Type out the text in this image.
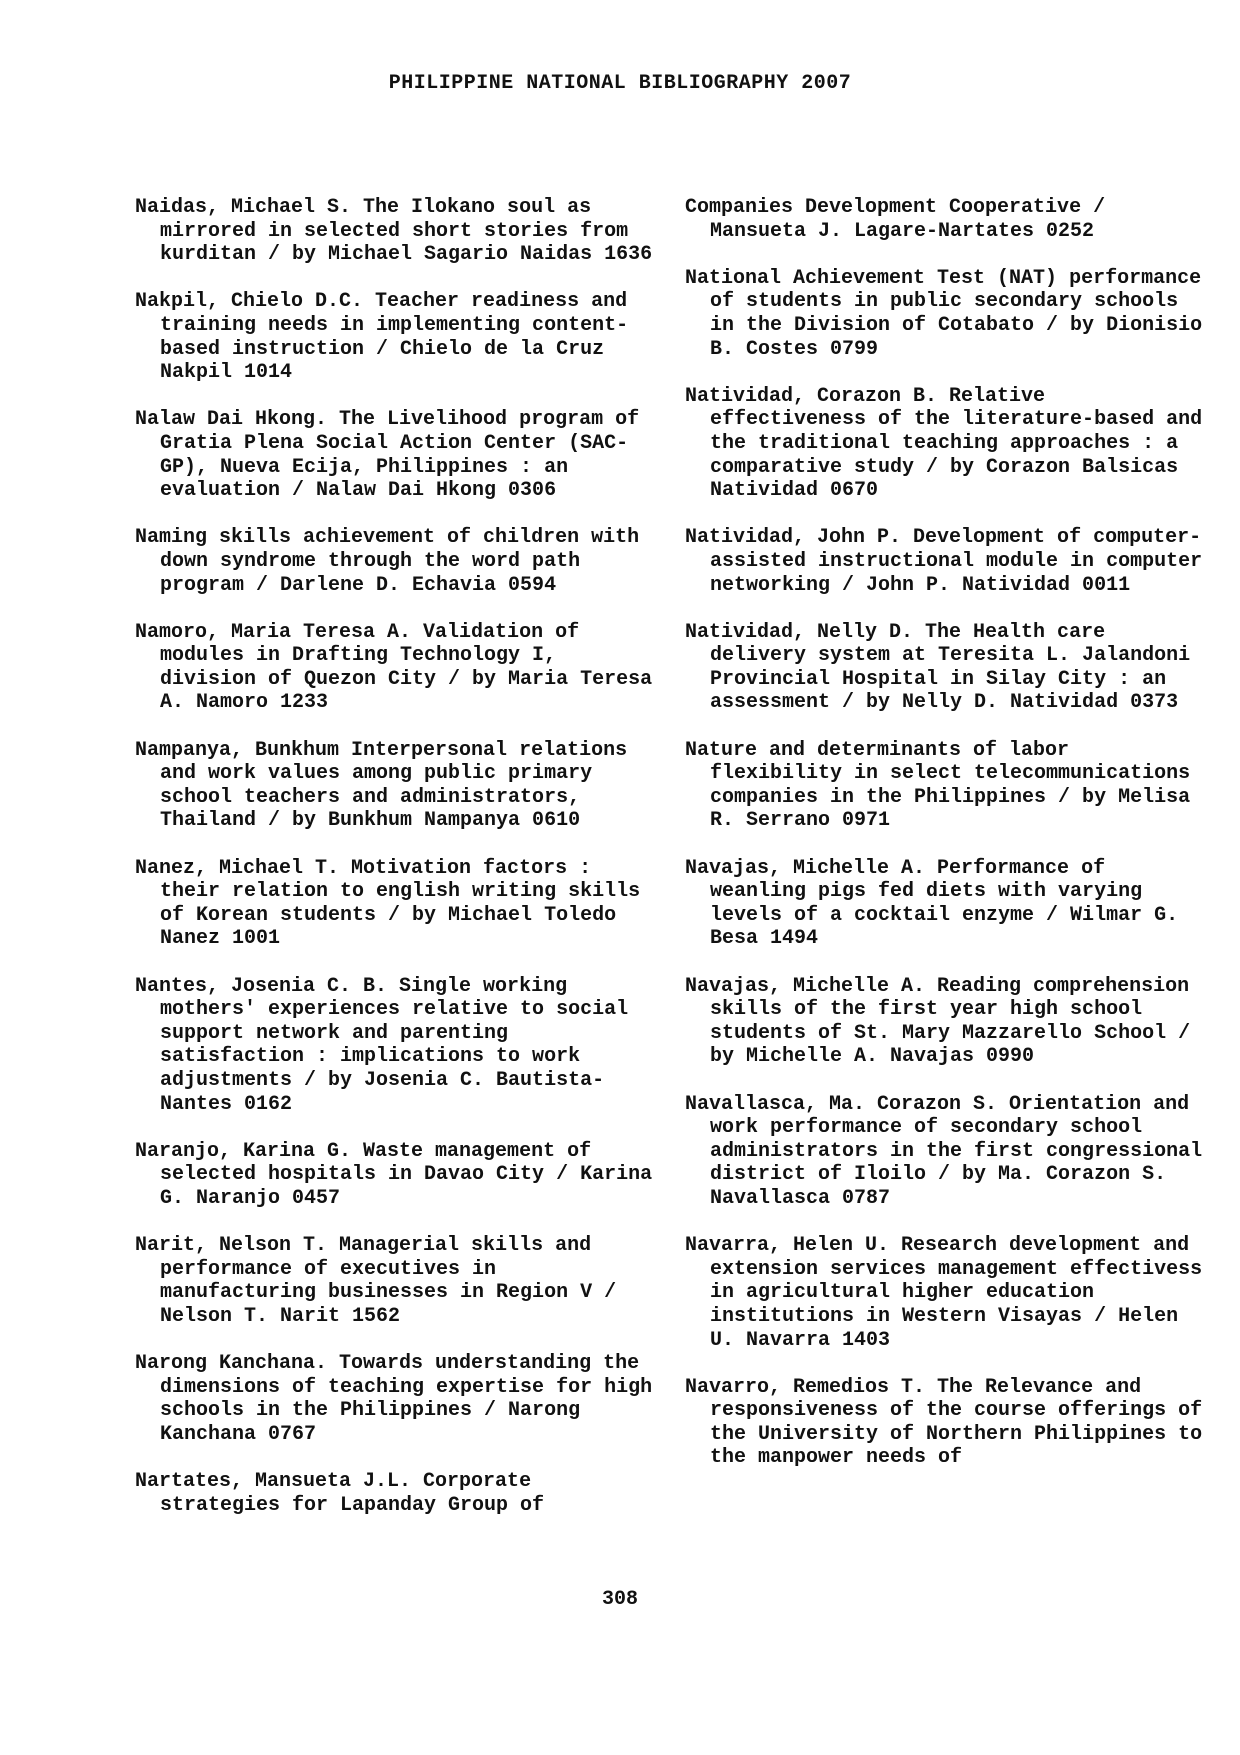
PHILIPPINE NATIONAL BIBLIOGRAPHY 2007

Naidas, Michael S. The Ilokano soul as mirrored in selected short stories from kurditan / by Michael Sagario Naidas 1636

Nakpil, Chielo D.C. Teacher readiness and training needs in implementing content-based instruction / Chielo de la Cruz Nakpil 1014

Nalaw Dai Hkong. The Livelihood program of Gratia Plena Social Action Center (SAC-GP), Nueva Ecija, Philippines : an evaluation / Nalaw Dai Hkong 0306

Naming skills achievement of children with down syndrome through the word path program / Darlene D. Echavia 0594

Namoro, Maria Teresa A. Validation of modules in Drafting Technology I, division of Quezon City / by Maria Teresa A. Namoro 1233

Nampanya, Bunkhum Interpersonal relations and work values among public primary school teachers and administrators, Thailand / by Bunkhum Nampanya 0610

Nanez, Michael T. Motivation factors : their relation to english writing skills of Korean students / by Michael Toledo Nanez 1001

Nantes, Josenia C. B. Single working mothers' experiences relative to social support network and parenting satisfaction : implications to work adjustments / by Josenia C. Bautista-Nantes 0162

Naranjo, Karina G. Waste management of selected hospitals in Davao City / Karina G. Naranjo 0457

Narit, Nelson T. Managerial skills and performance of executives in manufacturing businesses in Region V / Nelson T. Narit 1562

Narong Kanchana. Towards understanding the dimensions of teaching expertise for high schools in the Philippines / Narong Kanchana 0767

Nartates, Mansueta J.L. Corporate strategies for Lapanday Group of

Companies Development Cooperative / Mansueta J. Lagare-Nartates 0252

National Achievement Test (NAT) performance of students in public secondary schools in the Division of Cotabato / by Dionisio B. Costes 0799

Natividad, Corazon B. Relative effectiveness of the literature-based and the traditional teaching approaches : a comparative study / by Corazon Balsicas Natividad 0670

Natividad, John P. Development of computer-assisted instructional module in computer networking / John P. Natividad 0011

Natividad, Nelly D. The Health care delivery system at Teresita L. Jalandoni Provincial Hospital in Silay City : an assessment / by Nelly D. Natividad 0373

Nature and determinants of labor flexibility in select telecommunications companies in the Philippines / by Melisa R. Serrano 0971

Navajas, Michelle A. Performance of weanling pigs fed diets with varying levels of a cocktail enzyme / Wilmar G. Besa 1494

Navajas, Michelle A. Reading comprehension skills of the first year high school students of St. Mary Mazzarello School / by Michelle A. Navajas 0990

Navallasca, Ma. Corazon S. Orientation and work performance of secondary school administrators in the first congressional district of Iloilo / by Ma. Corazon S. Navallasca 0787

Navarra, Helen U. Research development and extension services management effectivess in agricultural higher education institutions in Western Visayas / Helen U. Navarra 1403

Navarro, Remedios T. The Relevance and responsiveness of the course offerings of the University of Northern Philippines to the manpower needs of

308
